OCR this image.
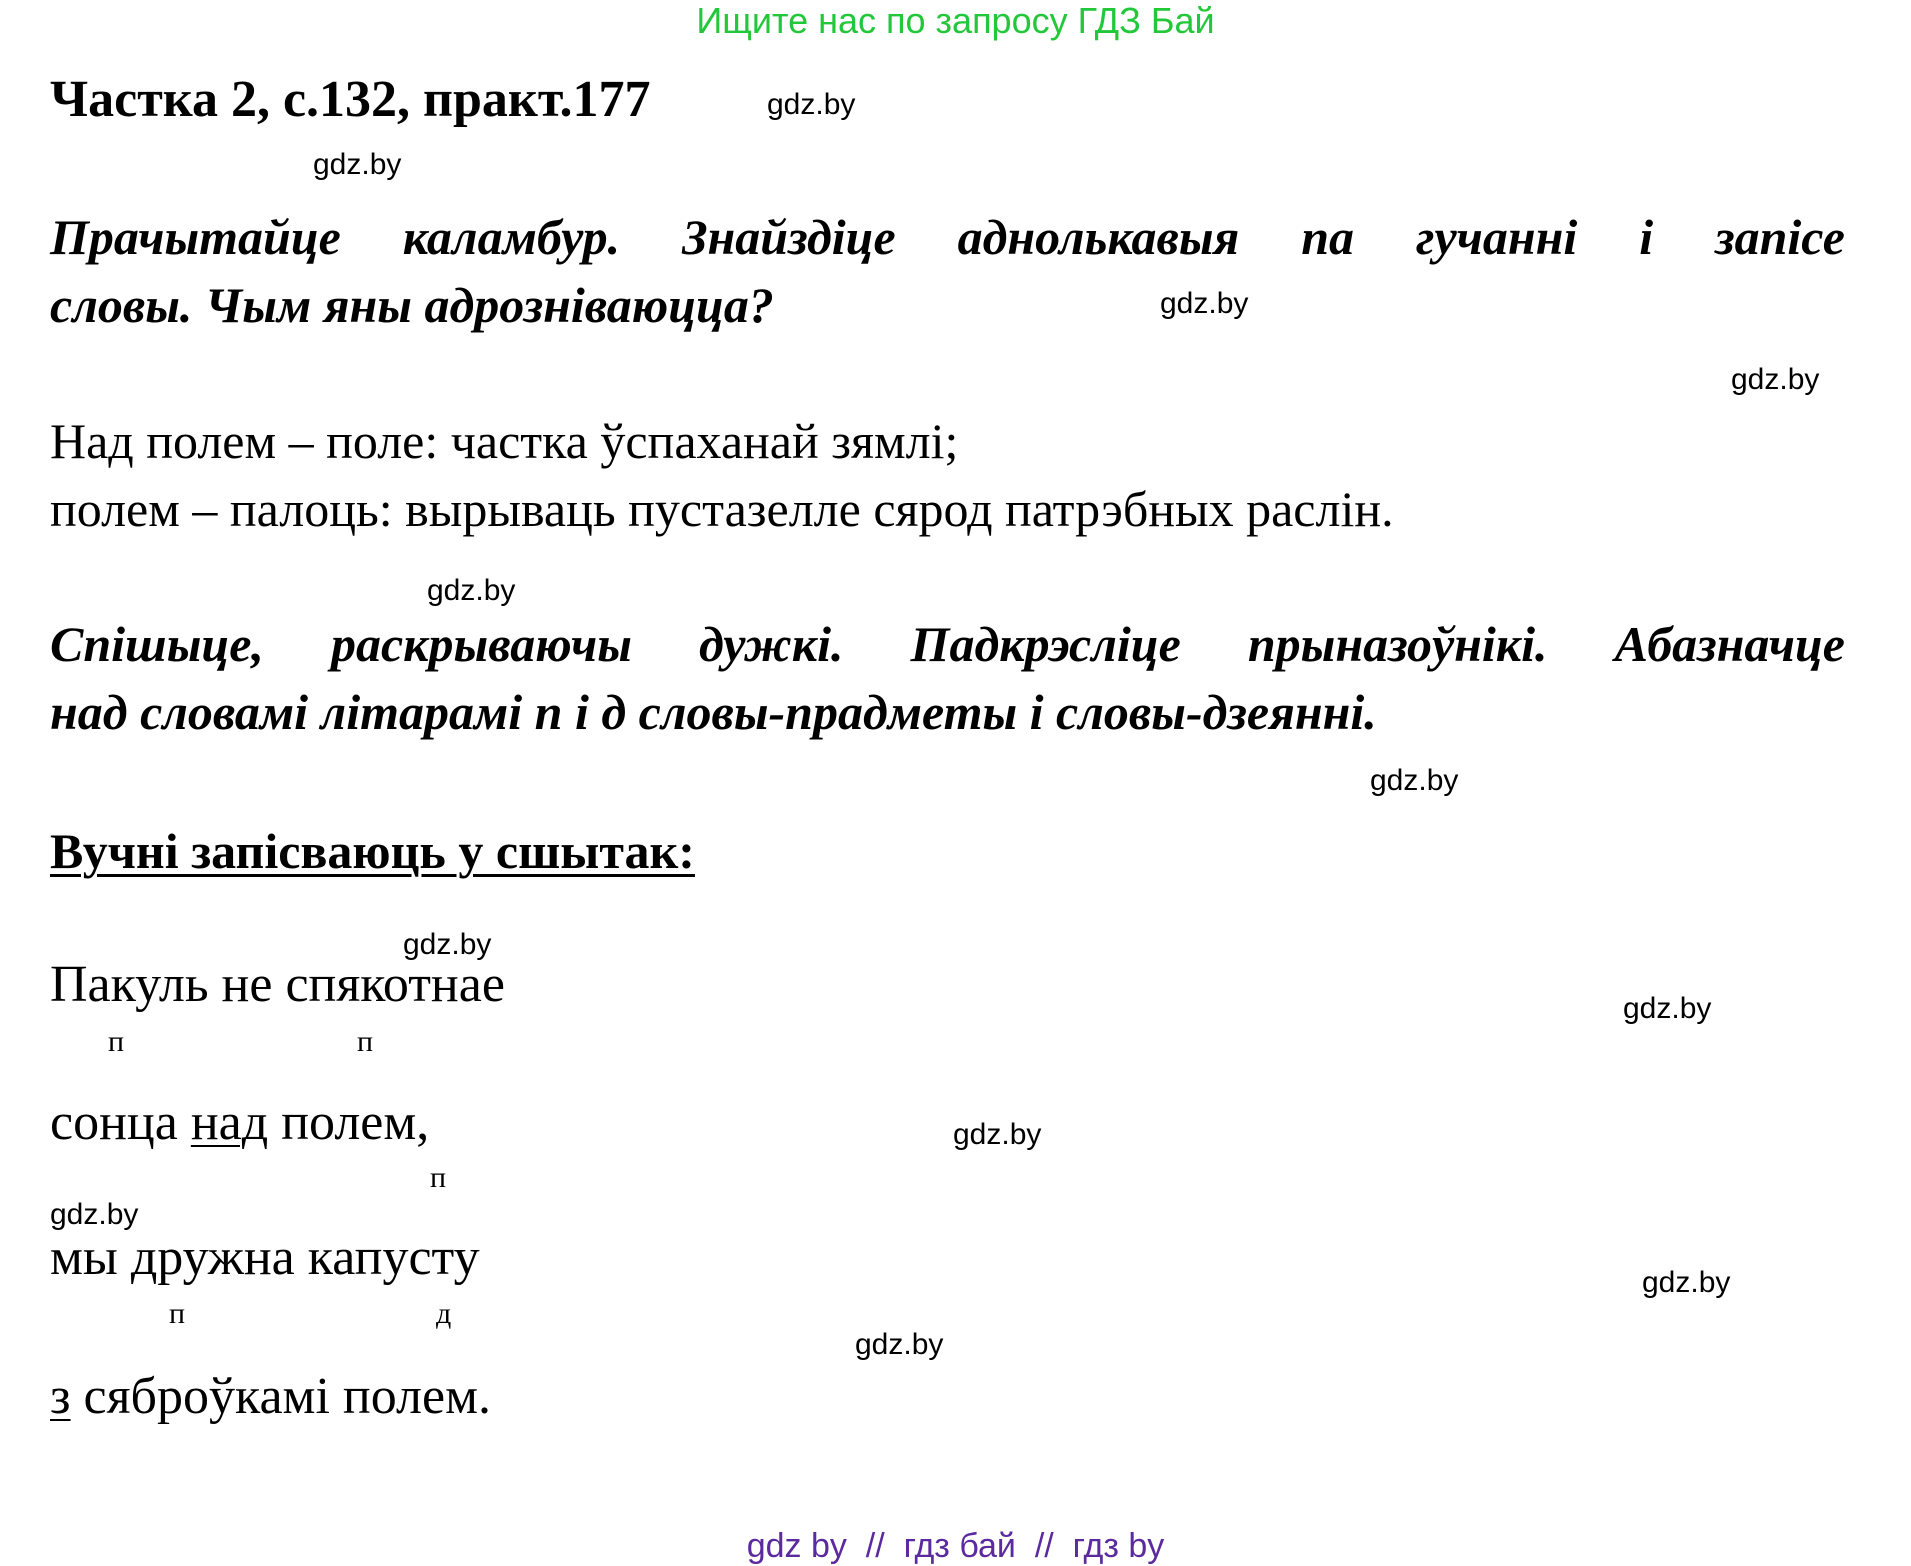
Ищите нас по запросу ГДЗ Бай
Частка 2, с.132, практ.177	gdz.by
gdz.by
Прачытайце каламбур. Знайздіце аднолькавыя па гучанні і запісе
словы. Чым яны адрозніваюцца?	gdz.by
gdz.by
Над полем – поле: частка ўспаханай зямлі;
полем – палоць: вырываць пустазелле сярод патрэбных раслін.
gdz.by
Спішыце, раскрываючы дужкі. Падкрэсліце прыназоўнікі. Абазначце
над словамі літарамі п і д словы-прадметы і словы-дзеянні.
gdz.by
Вучні запісваюць у сшытак:
gdz.by
Пакуль не спякотнае
п	п
gdz.by
сонца над полем,
п
gdz.by
gdz.by
мы дружна капусту
п	д
gdz.by
gdz.by
з сяброўкамі полем.
gdz by  //  гдз бай  //  гдз by
